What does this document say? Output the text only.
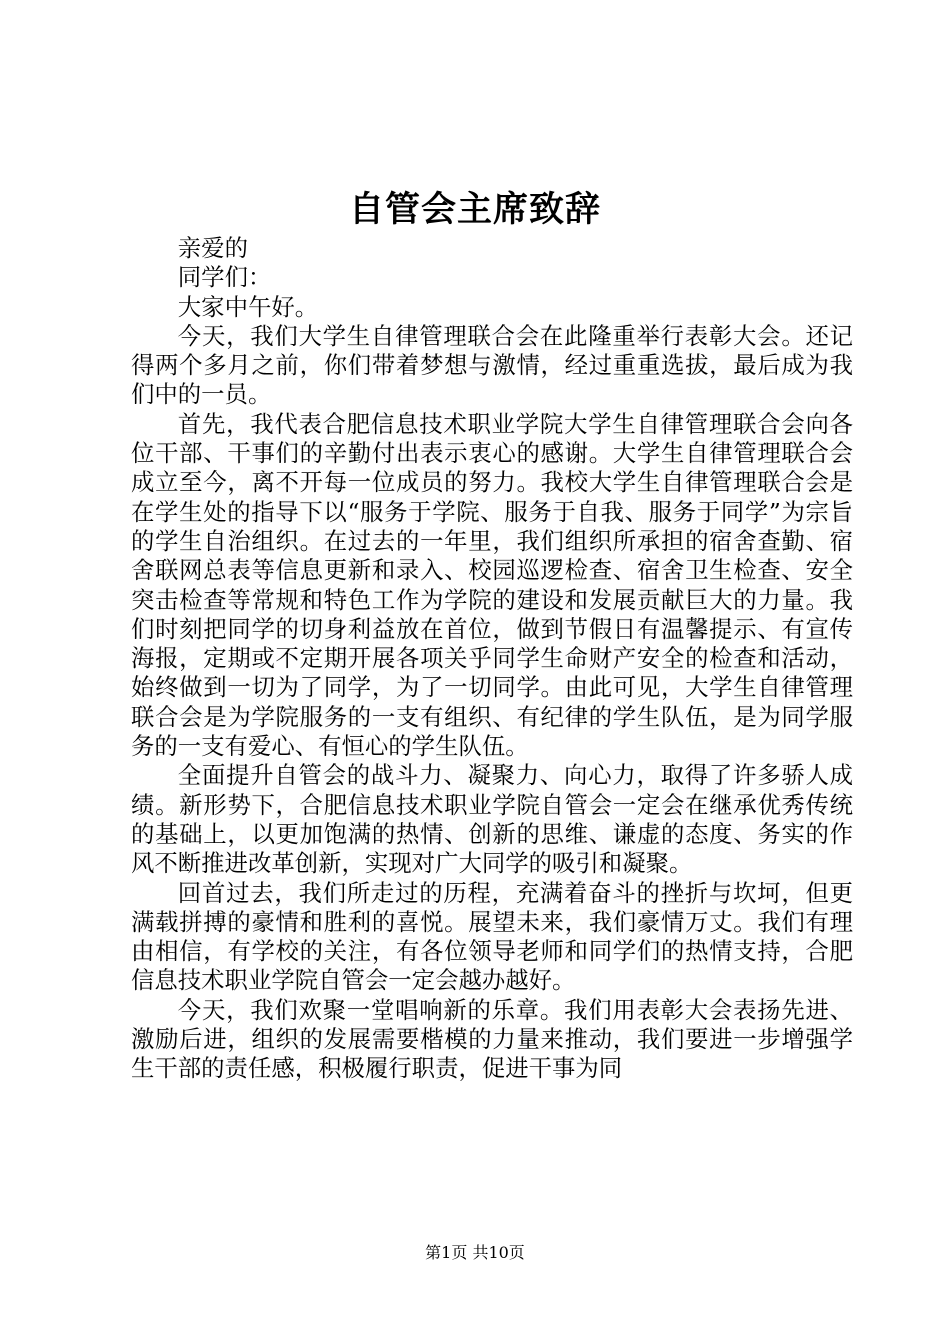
自管会主席致辞

亲爱的

同学们：

大家中午好。

今天，我们大学生自律管理联合会在此隆重举行表彰大会。还记得两个多月之前，你们带着梦想与激情，经过重重选拔，最后成为我们中的一员。

首先，我代表合肥信息技术职业学院大学生自律管理联合会向各位干部、干事们的辛勤付出表示衷心的感谢。大学生自律管理联合会成立至今，离不开每一位成员的努力。我校大学生自律管理联合会是在学生处的指导下以“服务于学院、服务于自我、服务于同学”为宗旨的学生自治组织。在过去的一年里，我们组织所承担的宿舍查勤、宿舍联网总表等信息更新和录入、校园巡逻检查、宿舍卫生检查、安全突击检查等常规和特色工作为学院的建设和发展贡献巨大的力量。我们时刻把同学的切身利益放在首位，做到节假日有温馨提示、有宣传海报，定期或不定期开展各项关乎同学生命财产安全的检查和活动，始终做到一切为了同学，为了一切同学。由此可见，大学生自律管理联合会是为学院服务的一支有组织、有纪律的学生队伍，是为同学服务的一支有爱心、有恒心的学生队伍。

全面提升自管会的战斗力、凝聚力、向心力，取得了许多骄人成绩。新形势下，合肥信息技术职业学院自管会一定会在继承优秀传统的基础上，以更加饱满的热情、创新的思维、谦虚的态度、务实的作风不断推进改革创新，实现对广大同学的吸引和凝聚。

回首过去，我们所走过的历程，充满着奋斗的挫折与坎坷，但更满载拼搏的豪情和胜利的喜悦。展望未来，我们豪情万丈。我们有理由相信，有学校的关注，有各位领导老师和同学们的热情支持，合肥信息技术职业学院自管会一定会越办越好。

今天，我们欢聚一堂唱响新的乐章。我们用表彰大会表扬先进、激励后进，组织的发展需要楷模的力量来推动，我们要进一步增强学生干部的责任感，积极履行职责，促进干事为同

第1页 共10页
